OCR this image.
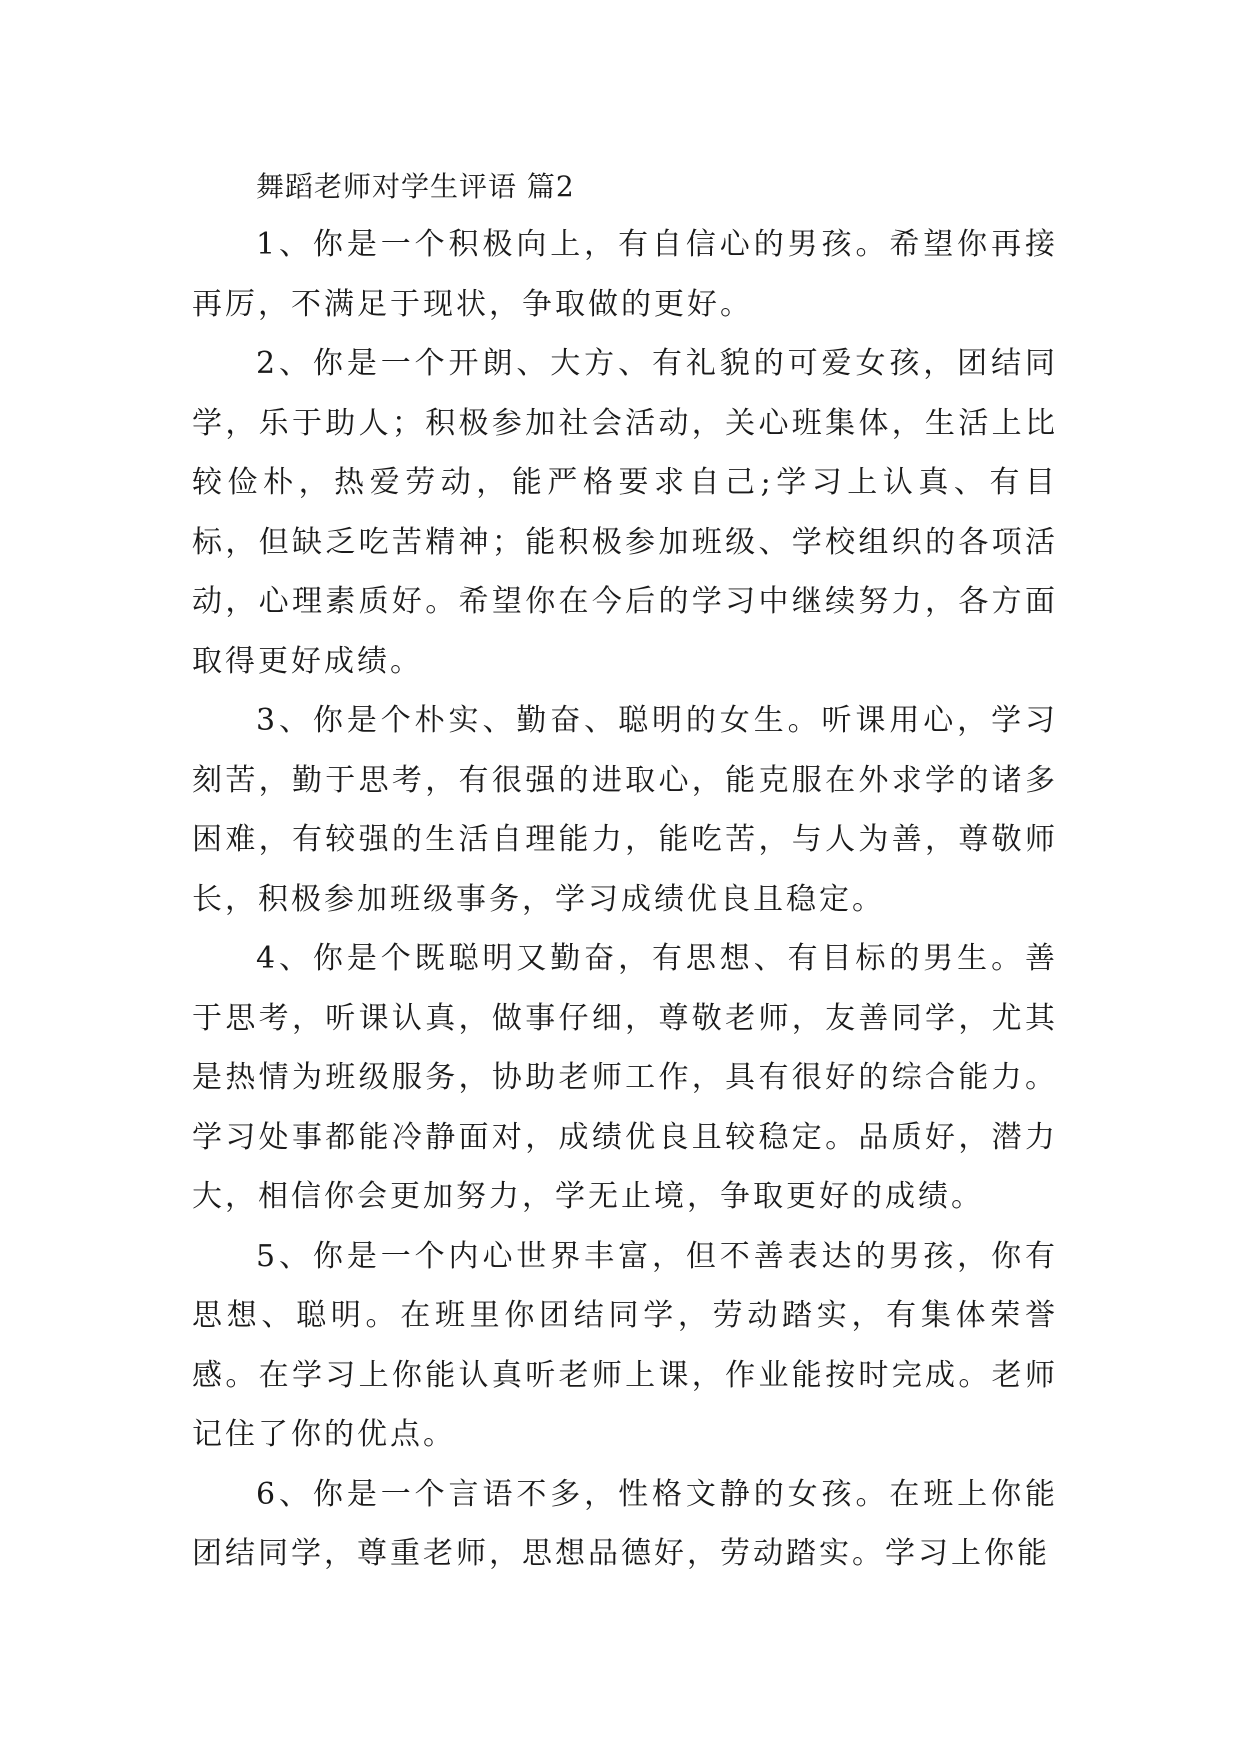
舞蹈老师对学生评语 篇2

1、你是一个积极向上，有自信心的男孩。希望你再接再厉，不满足于现状，争取做的更好。

2、你是一个开朗、大方、有礼貌的可爱女孩，团结同学，乐于助人；积极参加社会活动，关心班集体，生活上比较俭朴，热爱劳动，能严格要求自己;学习上认真、有目标，但缺乏吃苦精神；能积极参加班级、学校组织的各项活动，心理素质好。希望你在今后的学习中继续努力，各方面取得更好成绩。

3、你是个朴实、勤奋、聪明的女生。听课用心，学习刻苦，勤于思考，有很强的进取心，能克服在外求学的诸多困难，有较强的生活自理能力，能吃苦，与人为善，尊敬师长，积极参加班级事务，学习成绩优良且稳定。

4、你是个既聪明又勤奋，有思想、有目标的男生。善于思考，听课认真，做事仔细，尊敬老师，友善同学，尤其是热情为班级服务，协助老师工作，具有很好的综合能力。学习处事都能冷静面对，成绩优良且较稳定。品质好，潜力大，相信你会更加努力，学无止境，争取更好的成绩。

5、你是一个内心世界丰富，但不善表达的男孩，你有思想、聪明。在班里你团结同学，劳动踏实，有集体荣誉感。在学习上你能认真听老师上课，作业能按时完成。老师记住了你的优点。

6、你是一个言语不多，性格文静的女孩。在班上你能团结同学，尊重老师，思想品德好，劳动踏实。学习上你能
